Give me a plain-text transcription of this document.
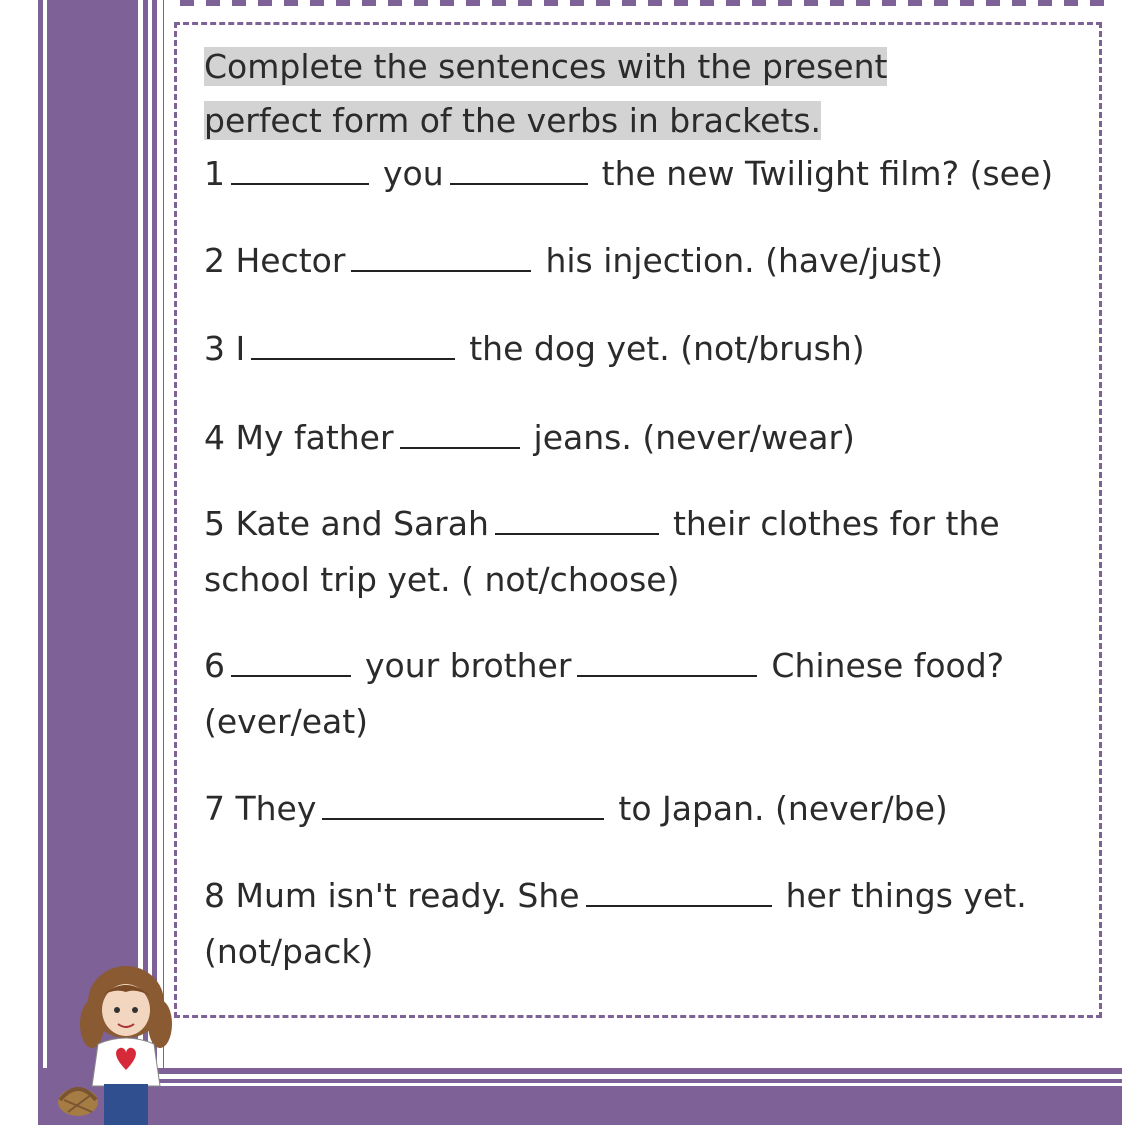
Complete the sentences with the present perfect form of the verbs in brackets.

1	you	the new Twilight film? (see)

2 Hector	his injection. (have/just)

3 I	the dog yet. (not/brush)

4 My father	jeans. (never/wear)

5 Kate and Sarah	their clothes for the

school trip yet. ( not/choose)

6	your brother	Chinese food?

(ever/eat)

7 They	to Japan. (never/be)

8 Mum isn't ready. She	her things yet.

(not/pack)
